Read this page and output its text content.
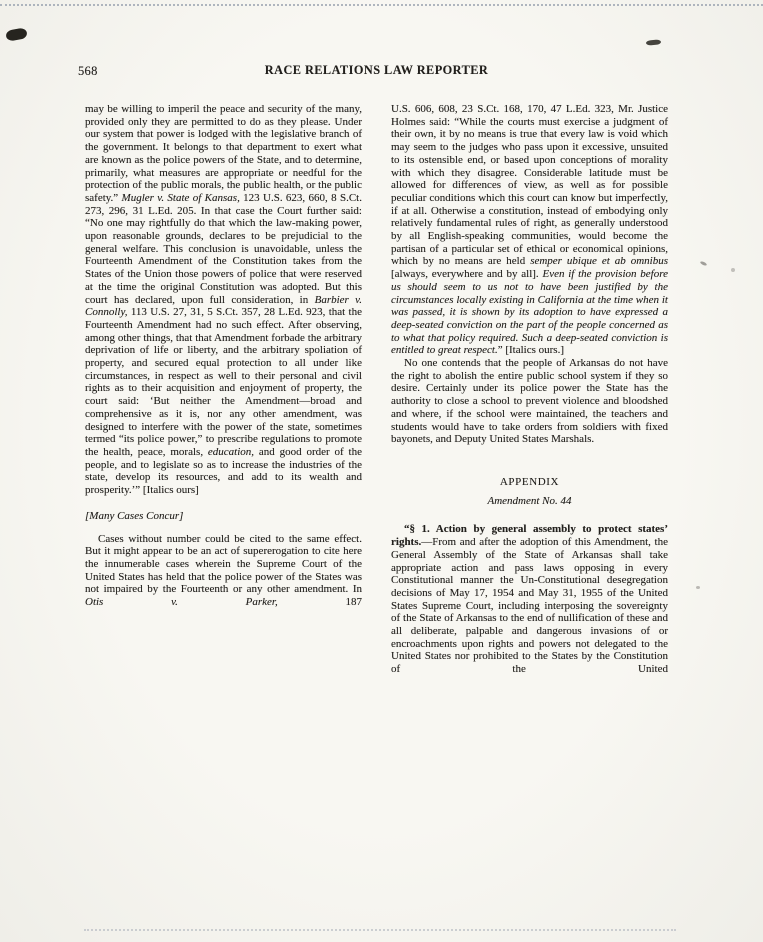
568	RACE RELATIONS LAW REPORTER
may be willing to imperil the peace and security of the many, provided only they are permitted to do as they please. Under our system that power is lodged with the legislative branch of the government. It belongs to that department to exert what are known as the police powers of the State, and to determine, primarily, what measures are appropriate or needful for the protection of the public morals, the public health, or the public safety.” Mugler v. State of Kansas, 123 U.S. 623, 660, 8 S.Ct. 273, 296, 31 L.Ed. 205. In that case the Court further said: “No one may rightfully do that which the law-making power, upon reasonable grounds, declares to be prejudicial to the general welfare. This conclusion is unavoidable, unless the Fourteenth Amendment of the Constitution takes from the States of the Union those powers of police that were reserved at the time the original Constitution was adopted. But this court has declared, upon full consideration, in Barbier v. Connolly, 113 U.S. 27, 31, 5 S.Ct. 357, 28 L.Ed. 923, that the Fourteenth Amendment had no such effect. After observing, among other things, that that Amendment forbade the arbitrary deprivation of life or liberty, and the arbitrary spoliation of property, and secured equal protection to all under like circumstances, in respect as well to their personal and civil rights as to their acquisition and enjoyment of property, the court said: ‘But neither the Amendment—broad and comprehensive as it is, nor any other amendment, was designed to interfere with the power of the state, sometimes termed “its police power,” to prescribe regulations to promote the health, peace, morals, education, and good order of the people, and to legislate so as to increase the industries of the state, develop its resources, and add to its wealth and prosperity.’” [Italics ours]
[Many Cases Concur]
Cases without number could be cited to the same effect. But it might appear to be an act of supererogation to cite here the innumerable cases wherein the Supreme Court of the United States has held that the police power of the States was not impaired by the Fourteenth or any other amendment. In Otis v. Parker, 187
U.S. 606, 608, 23 S.Ct. 168, 170, 47 L.Ed. 323, Mr. Justice Holmes said: “While the courts must exercise a judgment of their own, it by no means is true that every law is void which may seem to the judges who pass upon it excessive, unsuited to its ostensible end, or based upon conceptions of morality with which they disagree. Considerable latitude must be allowed for differences of view, as well as for possible peculiar conditions which this court can know but imperfectly, if at all. Otherwise a constitution, instead of embodying only relatively fundamental rules of right, as generally understood by all English-speaking communities, would become the partisan of a particular set of ethical or economical opinions, which by no means are held semper ubique et ab omnibus [always, everywhere and by all]. Even if the provision before us should seem to us not to have been justified by the circumstances locally existing in California at the time when it was passed, it is shown by its adoption to have expressed a deep-seated conviction on the part of the people concerned as to what that policy required. Such a deep-seated conviction is entitled to great respect.” [Italics ours.]
No one contends that the people of Arkansas do not have the right to abolish the entire public school system if they so desire. Certainly under its police power the State has the authority to close a school to prevent violence and bloodshed and where, if the school were maintained, the teachers and students would have to take orders from soldiers with fixed bayonets, and Deputy United States Marshals.
APPENDIX
Amendment No. 44
“§ 1. Action by general assembly to protect states’ rights.—From and after the adoption of this Amendment, the General Assembly of the State of Arkansas shall take appropriate action and pass laws opposing in every Constitutional manner the Un-Constitutional desegregation decisions of May 17, 1954 and May 31, 1955 of the United States Supreme Court, including interposing the sovereignty of the State of Arkansas to the end of nullification of these and all deliberate, palpable and dangerous invasions of or encroachments upon rights and powers not delegated to the United States nor prohibited to the States by the Constitution of the United
